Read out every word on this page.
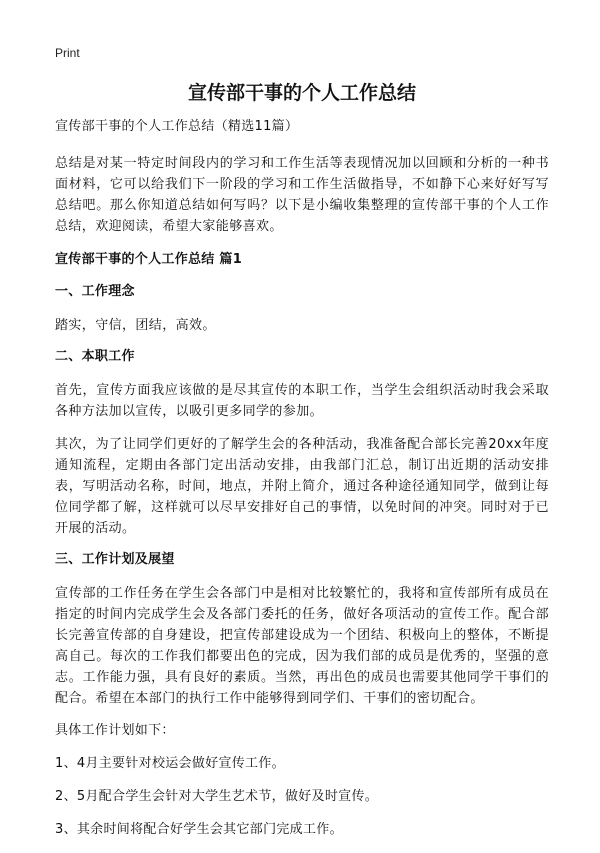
Print
宣传部干事的个人工作总结
宣传部干事的个人工作总结（精选11篇）

总结是对某一特定时间段内的学习和工作生活等表现情况加以回顾和分析的一种书面材料，它可以给我们下一阶段的学习和工作生活做指导，不如静下心来好好写写总结吧。那么你知道总结如何写吗？以下是小编收集整理的宣传部干事的个人工作总结，欢迎阅读，希望大家能够喜欢。

宣传部干事的个人工作总结 篇1
一、工作理念

踏实，守信，团结，高效。

二、本职工作

首先，宣传方面我应该做的是尽其宣传的本职工作，当学生会组织活动时我会采取各种方法加以宣传，以吸引更多同学的参加。

其次，为了让同学们更好的了解学生会的各种活动，我准备配合部长完善20xx年度通知流程，定期由各部门定出活动安排，由我部门汇总，制订出近期的活动安排表，写明活动名称，时间，地点，并附上简介，通过各种途径通知同学，做到让每位同学都了解，这样就可以尽早安排好自己的事情，以免时间的冲突。同时对于已开展的活动。

三、工作计划及展望

宣传部的工作任务在学生会各部门中是相对比较繁忙的，我将和宣传部所有成员在指定的时间内完成学生会及各部门委托的任务，做好各项活动的宣传工作。配合部长完善宣传部的自身建设，把宣传部建设成为一个团结、积极向上的整体，不断提高自己。每次的工作我们都要出色的完成，因为我们部的成员是优秀的，坚强的意志。工作能力强，具有良好的素质。当然，再出色的成员也需要其他同学干事们的配合。希望在本部门的执行工作中能够得到同学们、干事们的密切配合。

具体工作计划如下：
1、4月主要针对校运会做好宣传工作。
2、5月配合学生会针对大学生艺术节，做好及时宣传。
3、其余时间将配合好学生会其它部门完成工作。
